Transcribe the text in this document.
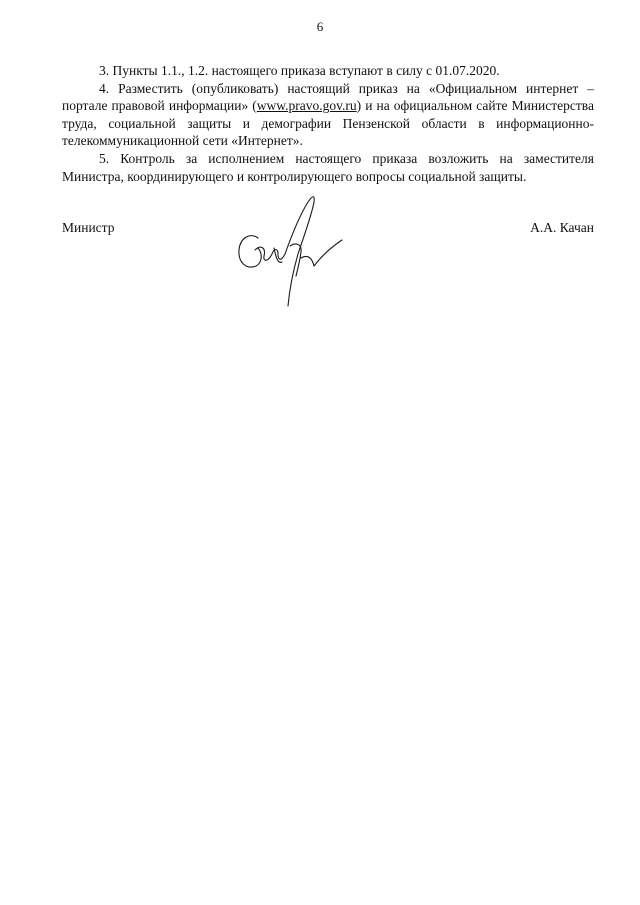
6

3. Пункты 1.1., 1.2. настоящего приказа вступают в силу с 01.07.2020.

4. Разместить (опубликовать) настоящий приказ на «Официальном интернет – портале правовой информации» (www.pravo.gov.ru) и на официальном сайте Министерства труда, социальной защиты и демографии Пензенской области в информационно-телекоммуникационной сети «Интернет».

5. Контроль за исполнением настоящего приказа возложить на заместителя Министра, координирующего и контролирующего вопросы социальной защиты.

Министр	А.А. Качан
